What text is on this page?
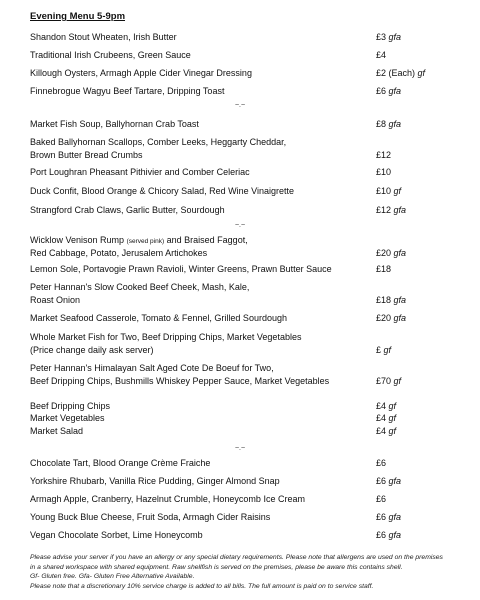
Evening Menu 5-9pm
Shandon Stout Wheaten, Irish Butter	£3 gfa
Traditional Irish Crubeens, Green Sauce	£4
Killough Oysters, Armagh Apple Cider Vinegar Dressing	£2 (Each) gf
Finnebrogue Wagyu Beef Tartare, Dripping Toast	£6 gfa
~.~
Market Fish Soup, Ballyhornan Crab Toast	£8 gfa
Baked Ballyhornan Scallops, Comber Leeks, Heggarty Cheddar,
Brown Butter Bread Crumbs	£12
Port Loughran Pheasant Pithivier and Comber Celeriac	£10
Duck Confit, Blood Orange & Chicory Salad, Red Wine Vinaigrette	£10 gf
Strangford Crab Claws, Garlic Butter, Sourdough	£12 gfa
~.~
Wicklow Venison Rump (served pink) and Braised Faggot,
Red Cabbage, Potato, Jerusalem Artichokes	£20 gfa
Lemon Sole, Portavogie Prawn Ravioli, Winter Greens, Prawn Butter Sauce	£18
Peter Hannan's Slow Cooked Beef Cheek, Mash, Kale,
Roast Onion	£18 gfa
Market Seafood Casserole, Tomato & Fennel, Grilled Sourdough	£20 gfa
Whole Market Fish for Two, Beef Dripping Chips, Market Vegetables
(Price change daily ask server)	£ gf
Peter Hannan's Himalayan Salt Aged Cote De Boeuf for Two,
Beef Dripping Chips, Bushmills Whiskey Pepper Sauce, Market Vegetables	£70 gf
Beef Dripping Chips	£4 gf
Market Vegetables	£4 gf
Market Salad	£4 gf
~.~
Chocolate Tart, Blood Orange Crème Fraiche	£6
Yorkshire Rhubarb, Vanilla Rice Pudding, Ginger Almond Snap	£6 gfa
Armagh Apple, Cranberry, Hazelnut Crumble, Honeycomb Ice Cream	£6
Young Buck Blue Cheese, Fruit Soda, Armagh Cider Raisins	£6 gfa
Vegan Chocolate Sorbet, Lime Honeycomb	£6 gfa

Please advise your server if you have an allergy or any special dietary requirements. Please note that allergens are used on the premises in a shared workspace with shared equipment. Raw shellfish is served on the premises, please be aware this contains shell.

Gf- Gluten free. Gfa- Gluten Free Alternative Available.

Please note that a discretionary 10% service charge is added to all bills. The full amount is paid on to service staff.
